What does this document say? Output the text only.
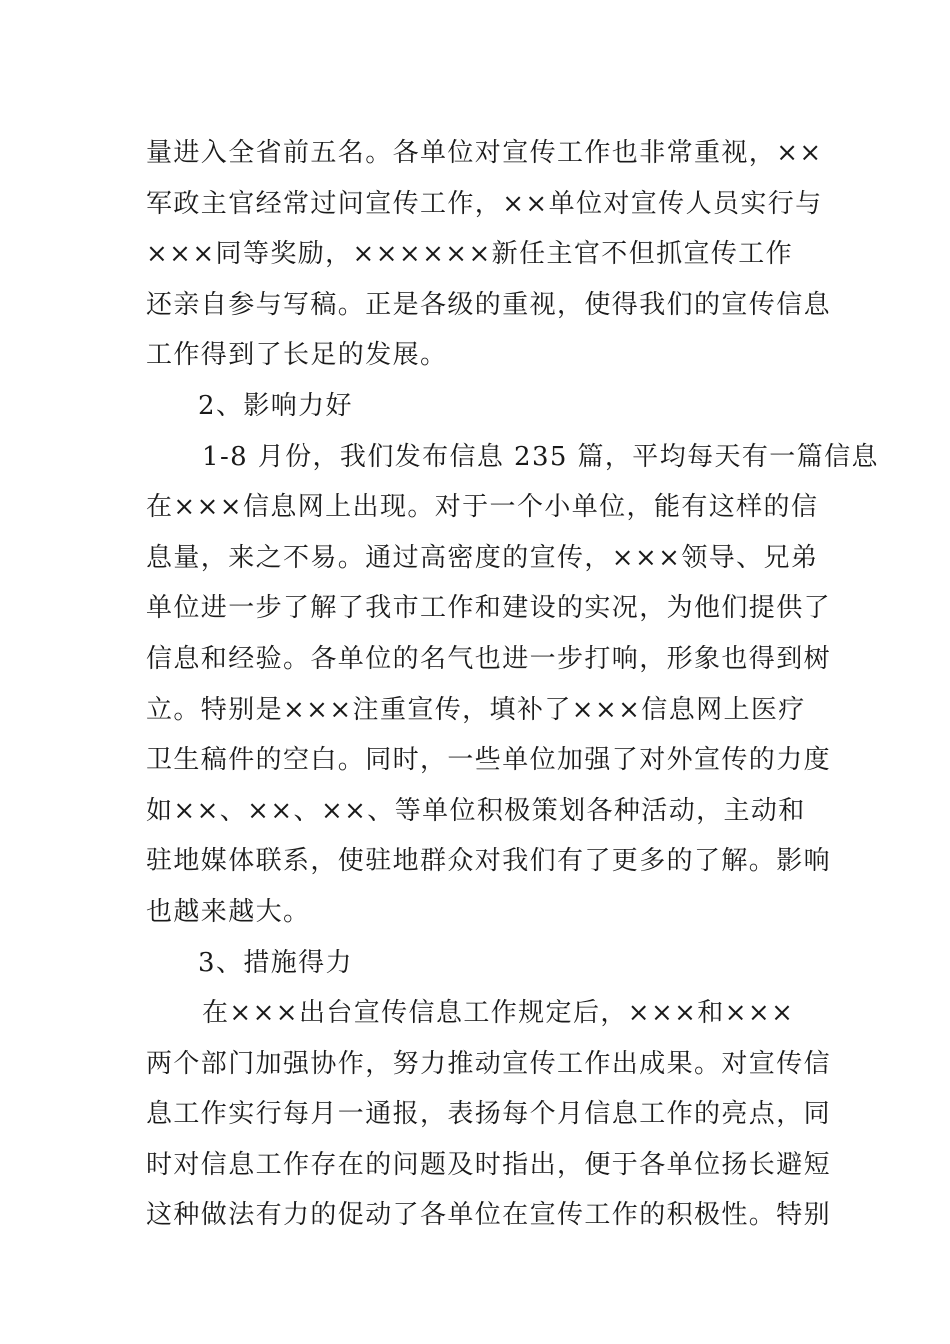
量进入全省前五名。各单位对宣传工作也非常重视，××
军政主官经常过问宣传工作，××单位对宣传人员实行与
×××同等奖励，××××××新任主官不但抓宣传工作
还亲自参与写稿。正是各级的重视，使得我们的宣传信息
工作得到了长足的发展。
2、影响力好
1-8 月份，我们发布信息 235 篇，平均每天有一篇信息
在×××信息网上出现。对于一个小单位，能有这样的信
息量，来之不易。通过高密度的宣传，×××领导、兄弟
单位进一步了解了我市工作和建设的实况，为他们提供了
信息和经验。各单位的名气也进一步打响，形象也得到树
立。特别是×××注重宣传，填补了×××信息网上医疗
卫生稿件的空白。同时，一些单位加强了对外宣传的力度
如××、××、××、等单位积极策划各种活动，主动和
驻地媒体联系，使驻地群众对我们有了更多的了解。影响
也越来越大。
3、措施得力
在×××出台宣传信息工作规定后，×××和×××
两个部门加强协作，努力推动宣传工作出成果。对宣传信
息工作实行每月一通报，表扬每个月信息工作的亮点，同
时对信息工作存在的问题及时指出，便于各单位扬长避短
这种做法有力的促动了各单位在宣传工作的积极性。特别
